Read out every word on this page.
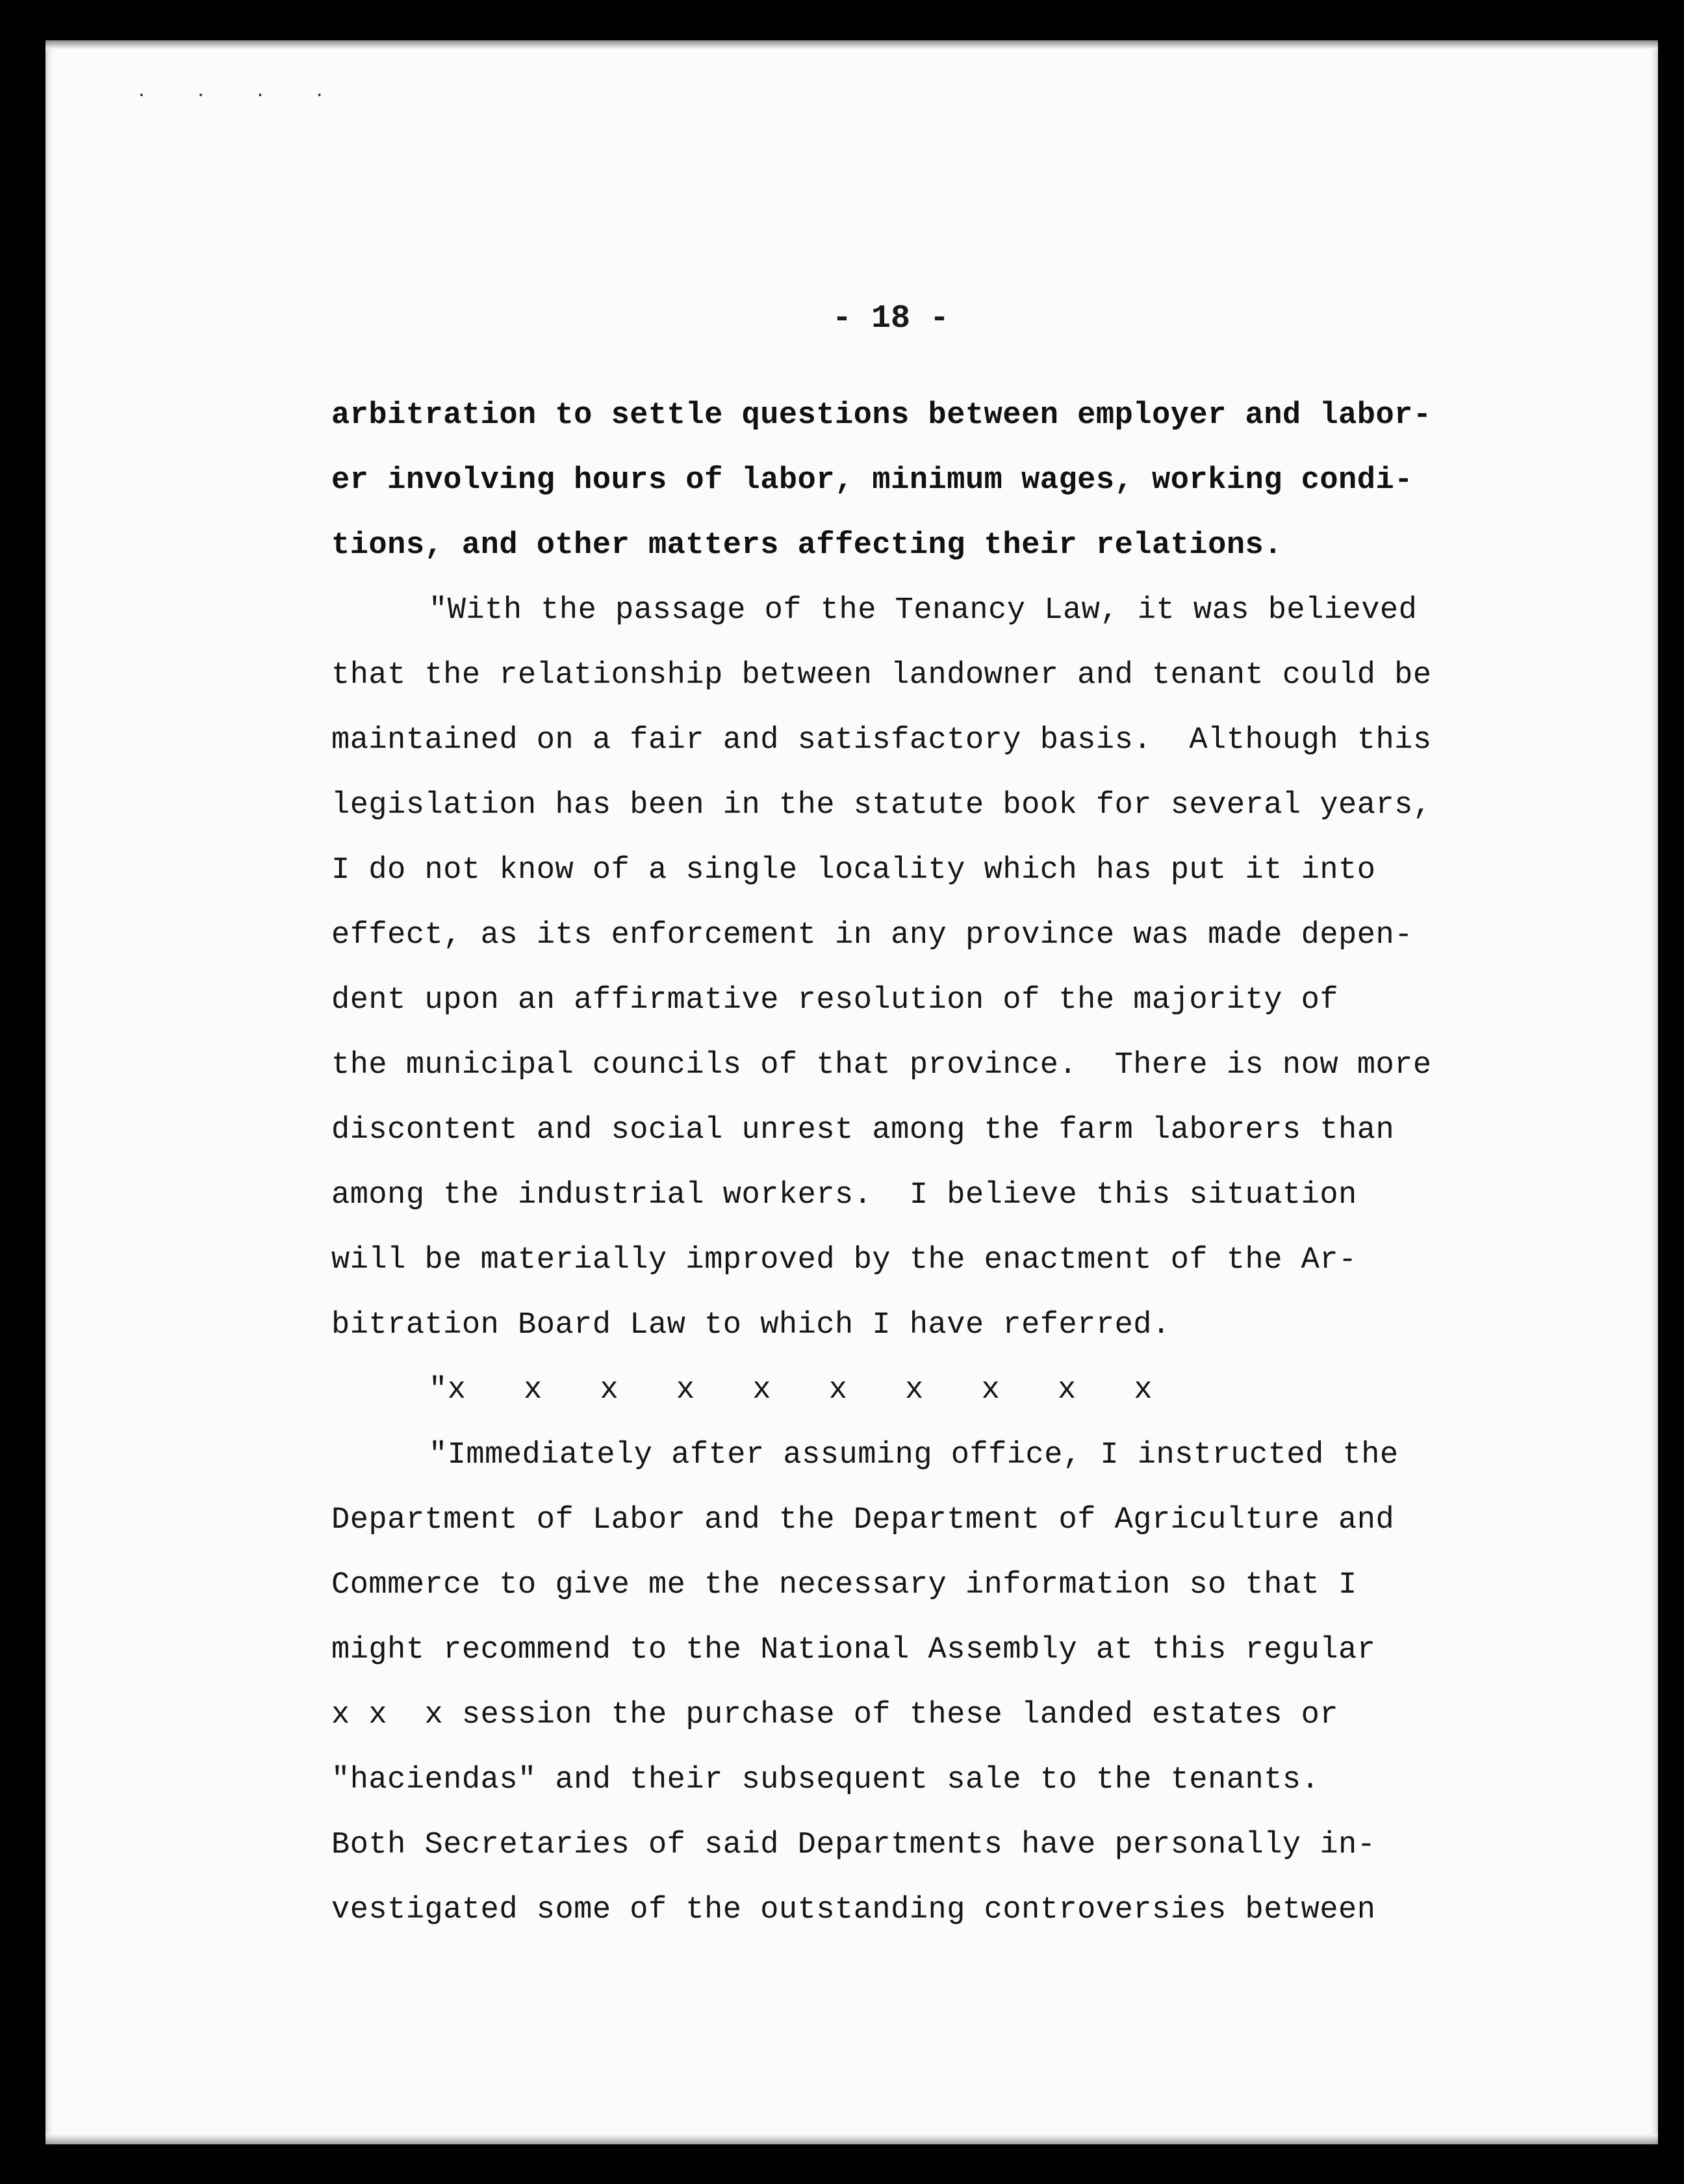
· · · ·
- 18 -
arbitration to settle questions between employer and labor-
er involving hours of labor, minimum wages, working condi-
tions, and other matters affecting their relations.
"With the passage of the Tenancy Law, it was believed
that the relationship between landowner and tenant could be
maintained on a fair and satisfactory basis.  Although this
legislation has been in the statute book for several years,
I do not know of a single locality which has put it into
effect, as its enforcement in any province was made depen-
dent upon an affirmative resolution of the majority of
the municipal councils of that province.  There is now more
discontent and social unrest among the farm laborers than
among the industrial workers.  I believe this situation
will be materially improved by the enactment of the Ar-
bitration Board Law to which I have referred.
"x x x x x x x x x x
"Immediately after assuming office, I instructed the
Department of Labor and the Department of Agriculture and
Commerce to give me the necessary information so that I
might recommend to the National Assembly at this regular
x x  x session the purchase of these landed estates or
"haciendas" and their subsequent sale to the tenants.
Both Secretaries of said Departments have personally in-
vestigated some of the outstanding controversies between
